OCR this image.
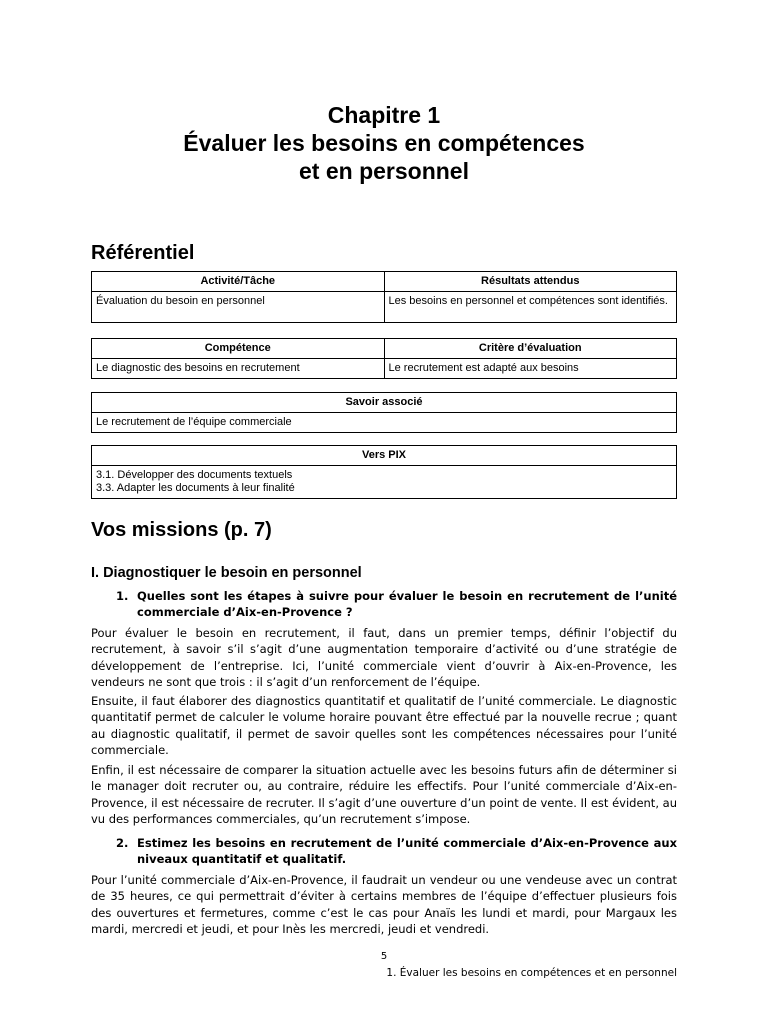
Chapitre 1
Évaluer les besoins en compétences
et en personnel
Référentiel
Activité/Tâche	Résultats attendus
Évaluation du besoin en personnel	Les besoins en personnel et compétences sont identifiés.
Compétence	Critère d’évaluation
Le diagnostic des besoins en recrutement	Le recrutement est adapté aux besoins
Savoir associé
Le recrutement de l’équipe commerciale
Vers PIX

3.1. Développer des documents textuels
3.3. Adapter les documents à leur finalité
Vos missions (p. 7)
I. Diagnostiquer le besoin en personnel
1. Quelles sont les étapes à suivre pour évaluer le besoin en recrutement de l’unité commerciale d’Aix-en-Provence ?

Pour évaluer le besoin en recrutement, il faut, dans un premier temps, définir l’objectif du recrutement, à savoir s’il s’agit d’une augmentation temporaire d’activité ou d’une stratégie de développement de l’entreprise. Ici, l’unité commerciale vient d’ouvrir à Aix-en-Provence, les vendeurs ne sont que trois : il s’agit d’un renforcement de l’équipe.

Ensuite, il faut élaborer des diagnostics quantitatif et qualitatif de l’unité commerciale. Le diagnostic quantitatif permet de calculer le volume horaire pouvant être effectué par la nouvelle recrue ; quant au diagnostic qualitatif, il permet de savoir quelles sont les compétences nécessaires pour l’unité commerciale.

Enfin, il est nécessaire de comparer la situation actuelle avec les besoins futurs afin de déterminer si le manager doit recruter ou, au contraire, réduire les effectifs. Pour l’unité commerciale d’Aix-en-Provence, il est nécessaire de recruter. Il s’agit d’une ouverture d’un point de vente. Il est évident, au vu des performances commerciales, qu’un recrutement s’impose.

2. Estimez les besoins en recrutement de l’unité commerciale d’Aix-en-Provence aux niveaux quantitatif et qualitatif.

Pour l’unité commerciale d’Aix-en-Provence, il faudrait un vendeur ou une vendeuse avec un contrat de 35 heures, ce qui permettrait d’éviter à certains membres de l’équipe d’effectuer plusieurs fois des ouvertures et fermetures, comme c’est le cas pour Anaïs les lundi et mardi, pour Margaux les mardi, mercredi et jeudi, et pour Inès les mercredi, jeudi et vendredi.

5
1. Évaluer les besoins en compétences et en personnel
